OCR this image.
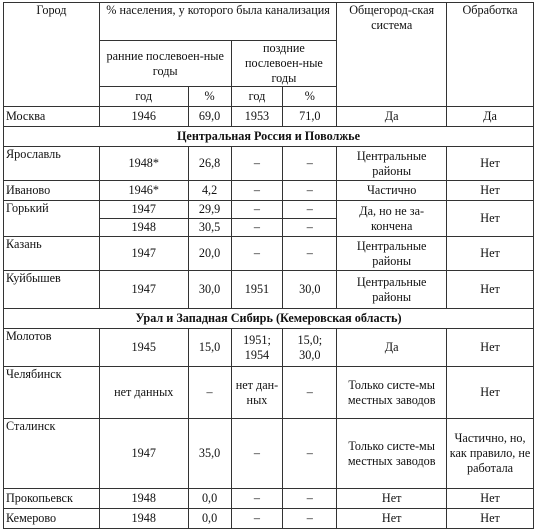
Город	% населения, у которого была канализация				Общегород-ская система	Обработка
	ранние послевоен-ные годы		поздние послевоен-ные годы			
	год	%	год	%		
Москва	1946	69,0	1953	71,0	Да	Да
Центральная Россия и Поволжье						
Ярославль	1948*	26,8	–	–	Центральные районы	Нет
Иваново	1946*	4,2	–	–	Частично	Нет
Горький	1947	29,9	–	–	Да, но не за-кончена	Нет
	1948	30,5	–	–		
Казань	1947	20,0	–	–	Центральные районы	Нет
Куйбышев	1947	30,0	1951	30,0	Центральные районы	Нет
Урал и Западная Сибирь (Кемеровская область)						
Молотов	1945	15,0	1951; 1954	15,0; 30,0	Да	Нет
Челябинск	нет данных	–	нет дан-ных	–	Только систе-мы местных заводов	Нет
Сталинск	1947	35,0	–	–	Только систе-мы местных заводов	Частично, но, как правило, не работала
Прокопьевск	1948	0,0	–	–	Нет	Нет
Кемерово	1948	0,0	–	–	Нет	Нет
